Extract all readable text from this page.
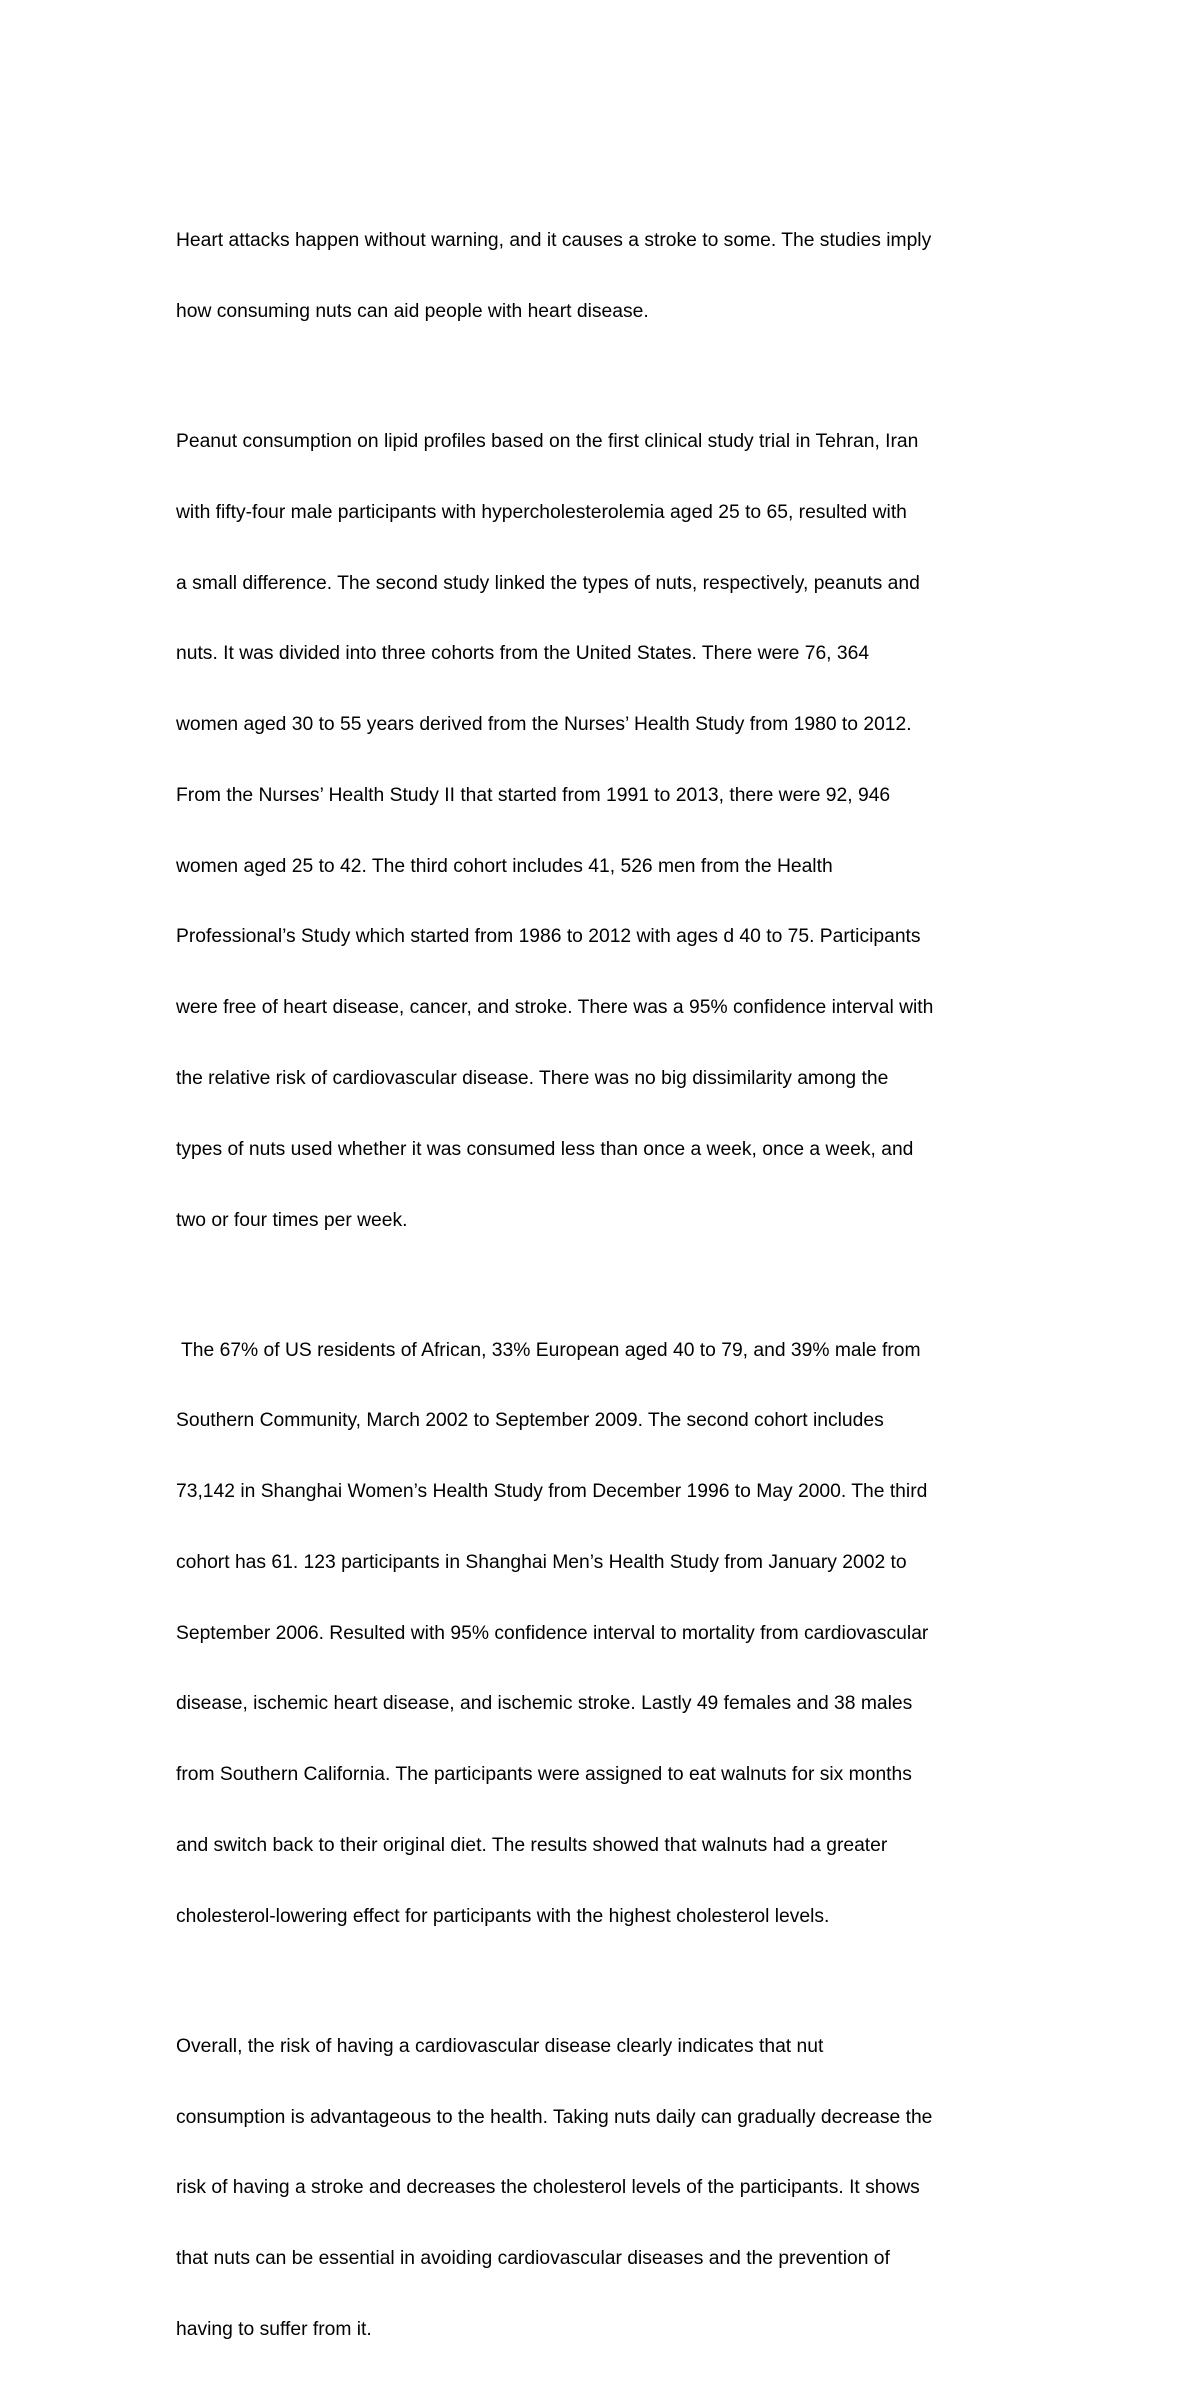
Heart attacks happen without warning, and it causes a stroke to some. The studies imply

how consuming nuts can aid people with heart disease.

Peanut consumption on lipid profiles based on the first clinical study trial in Tehran, Iran

with fifty-four male participants with hypercholesterolemia aged 25 to 65, resulted with

a small difference. The second study linked the types of nuts, respectively, peanuts and

nuts. It was divided into three cohorts from the United States. There were 76, 364

women aged 30 to 55 years derived from the Nurses’ Health Study from 1980 to 2012.

From the Nurses’ Health Study II that started from 1991 to 2013, there were 92, 946

women aged 25 to 42. The third cohort includes 41, 526 men from the Health

Professional’s Study which started from 1986 to 2012 with ages d 40 to 75. Participants

were free of heart disease, cancer, and stroke. There was a 95% confidence interval with

the relative risk of cardiovascular disease. There was no big dissimilarity among the

types of nuts used whether it was consumed less than once a week, once a week, and

two or four times per week.

The 67% of US residents of African, 33% European aged 40 to 79, and 39% male from

Southern Community, March 2002 to September 2009. The second cohort includes

73,142 in Shanghai Women’s Health Study from December 1996 to May 2000. The third

cohort has 61. 123 participants in Shanghai Men’s Health Study from January 2002 to

September 2006. Resulted with 95% confidence interval to mortality from cardiovascular

disease, ischemic heart disease, and ischemic stroke. Lastly 49 females and 38 males

from Southern California. The participants were assigned to eat walnuts for six months

and switch back to their original diet. The results showed that walnuts had a greater

cholesterol-lowering effect for participants with the highest cholesterol levels.

Overall, the risk of having a cardiovascular disease clearly indicates that nut

consumption is advantageous to the health. Taking nuts daily can gradually decrease the

risk of having a stroke and decreases the cholesterol levels of the participants. It shows

that nuts can be essential in avoiding cardiovascular diseases and the prevention of

having to suffer from it.
